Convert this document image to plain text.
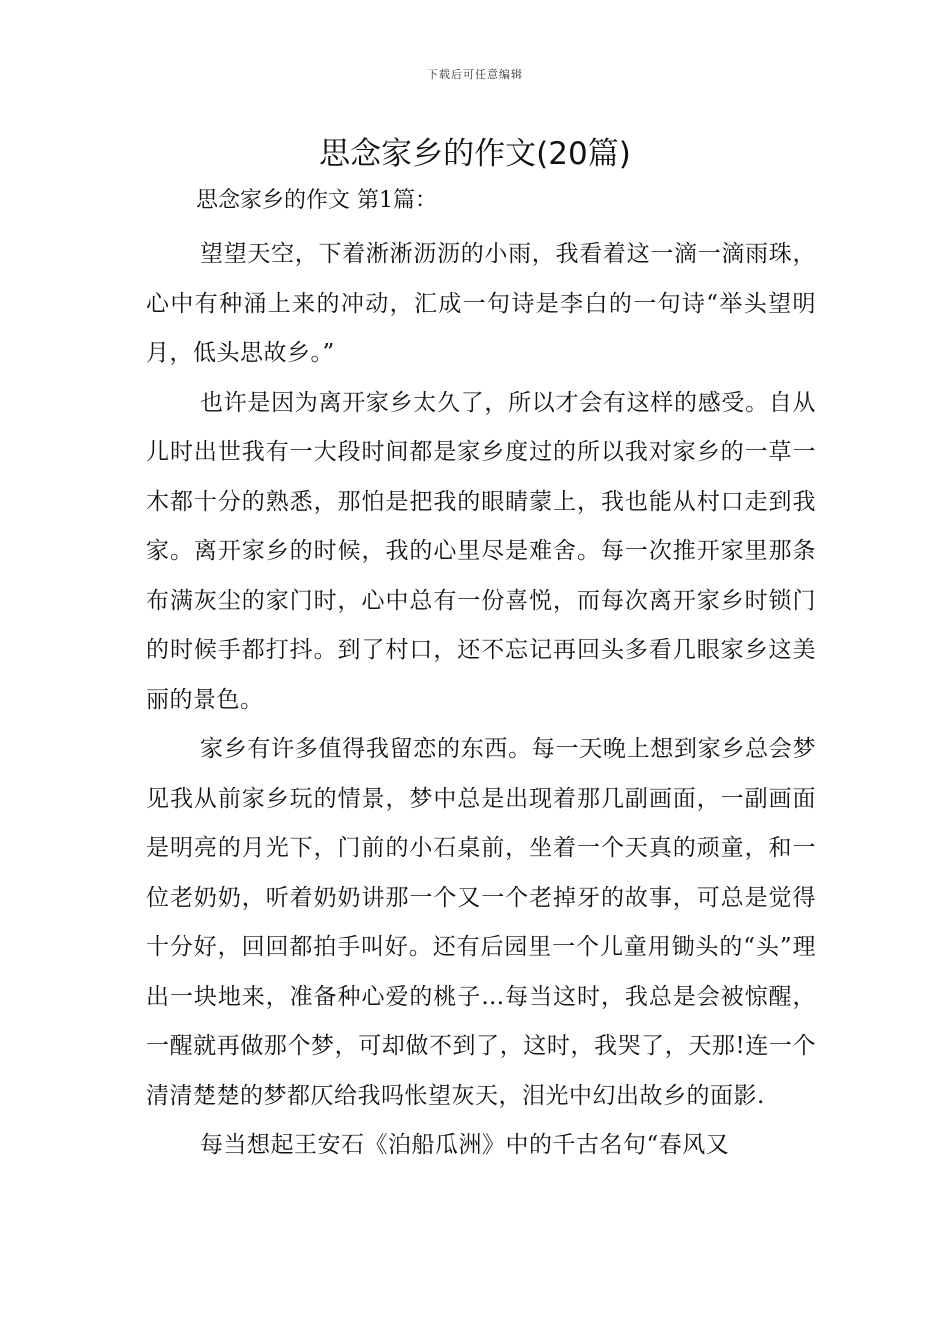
下载后可任意编辑
思念家乡的作文(20篇)
思念家乡的作文 第1篇：

望望天空，下着淅淅沥沥的小雨，我看着这一滴一滴雨珠，心中有种涌上来的冲动，汇成一句诗是李白的一句诗“举头望明月，低头思故乡。”

也许是因为离开家乡太久了，所以才会有这样的感受。自从儿时出世我有一大段时间都是家乡度过的所以我对家乡的一草一木都十分的熟悉，那怕是把我的眼睛蒙上，我也能从村口走到我家。离开家乡的时候，我的心里尽是难舍。每一次推开家里那条布满灰尘的家门时，心中总有一份喜悦，而每次离开家乡时锁门的时候手都打抖。到了村口，还不忘记再回头多看几眼家乡这美丽的景色。

家乡有许多值得我留恋的东西。每一天晚上想到家乡总会梦见我从前家乡玩的情景，梦中总是出现着那几副画面，一副画面是明亮的月光下，门前的小石桌前，坐着一个天真的顽童，和一位老奶奶，听着奶奶讲那一个又一个老掉牙的故事，可总是觉得十分好，回回都拍手叫好。还有后园里一个儿童用锄头的“头”理出一块地来，准备种心爱的桃子…每当这时，我总是会被惊醒，一醒就再做那个梦，可却做不到了，这时，我哭了，天那!连一个清清楚楚的梦都仄给我吗怅望灰天，泪光中幻出故乡的面影.

每当想起王安石《泊船瓜洲》中的千古名句“春风又
